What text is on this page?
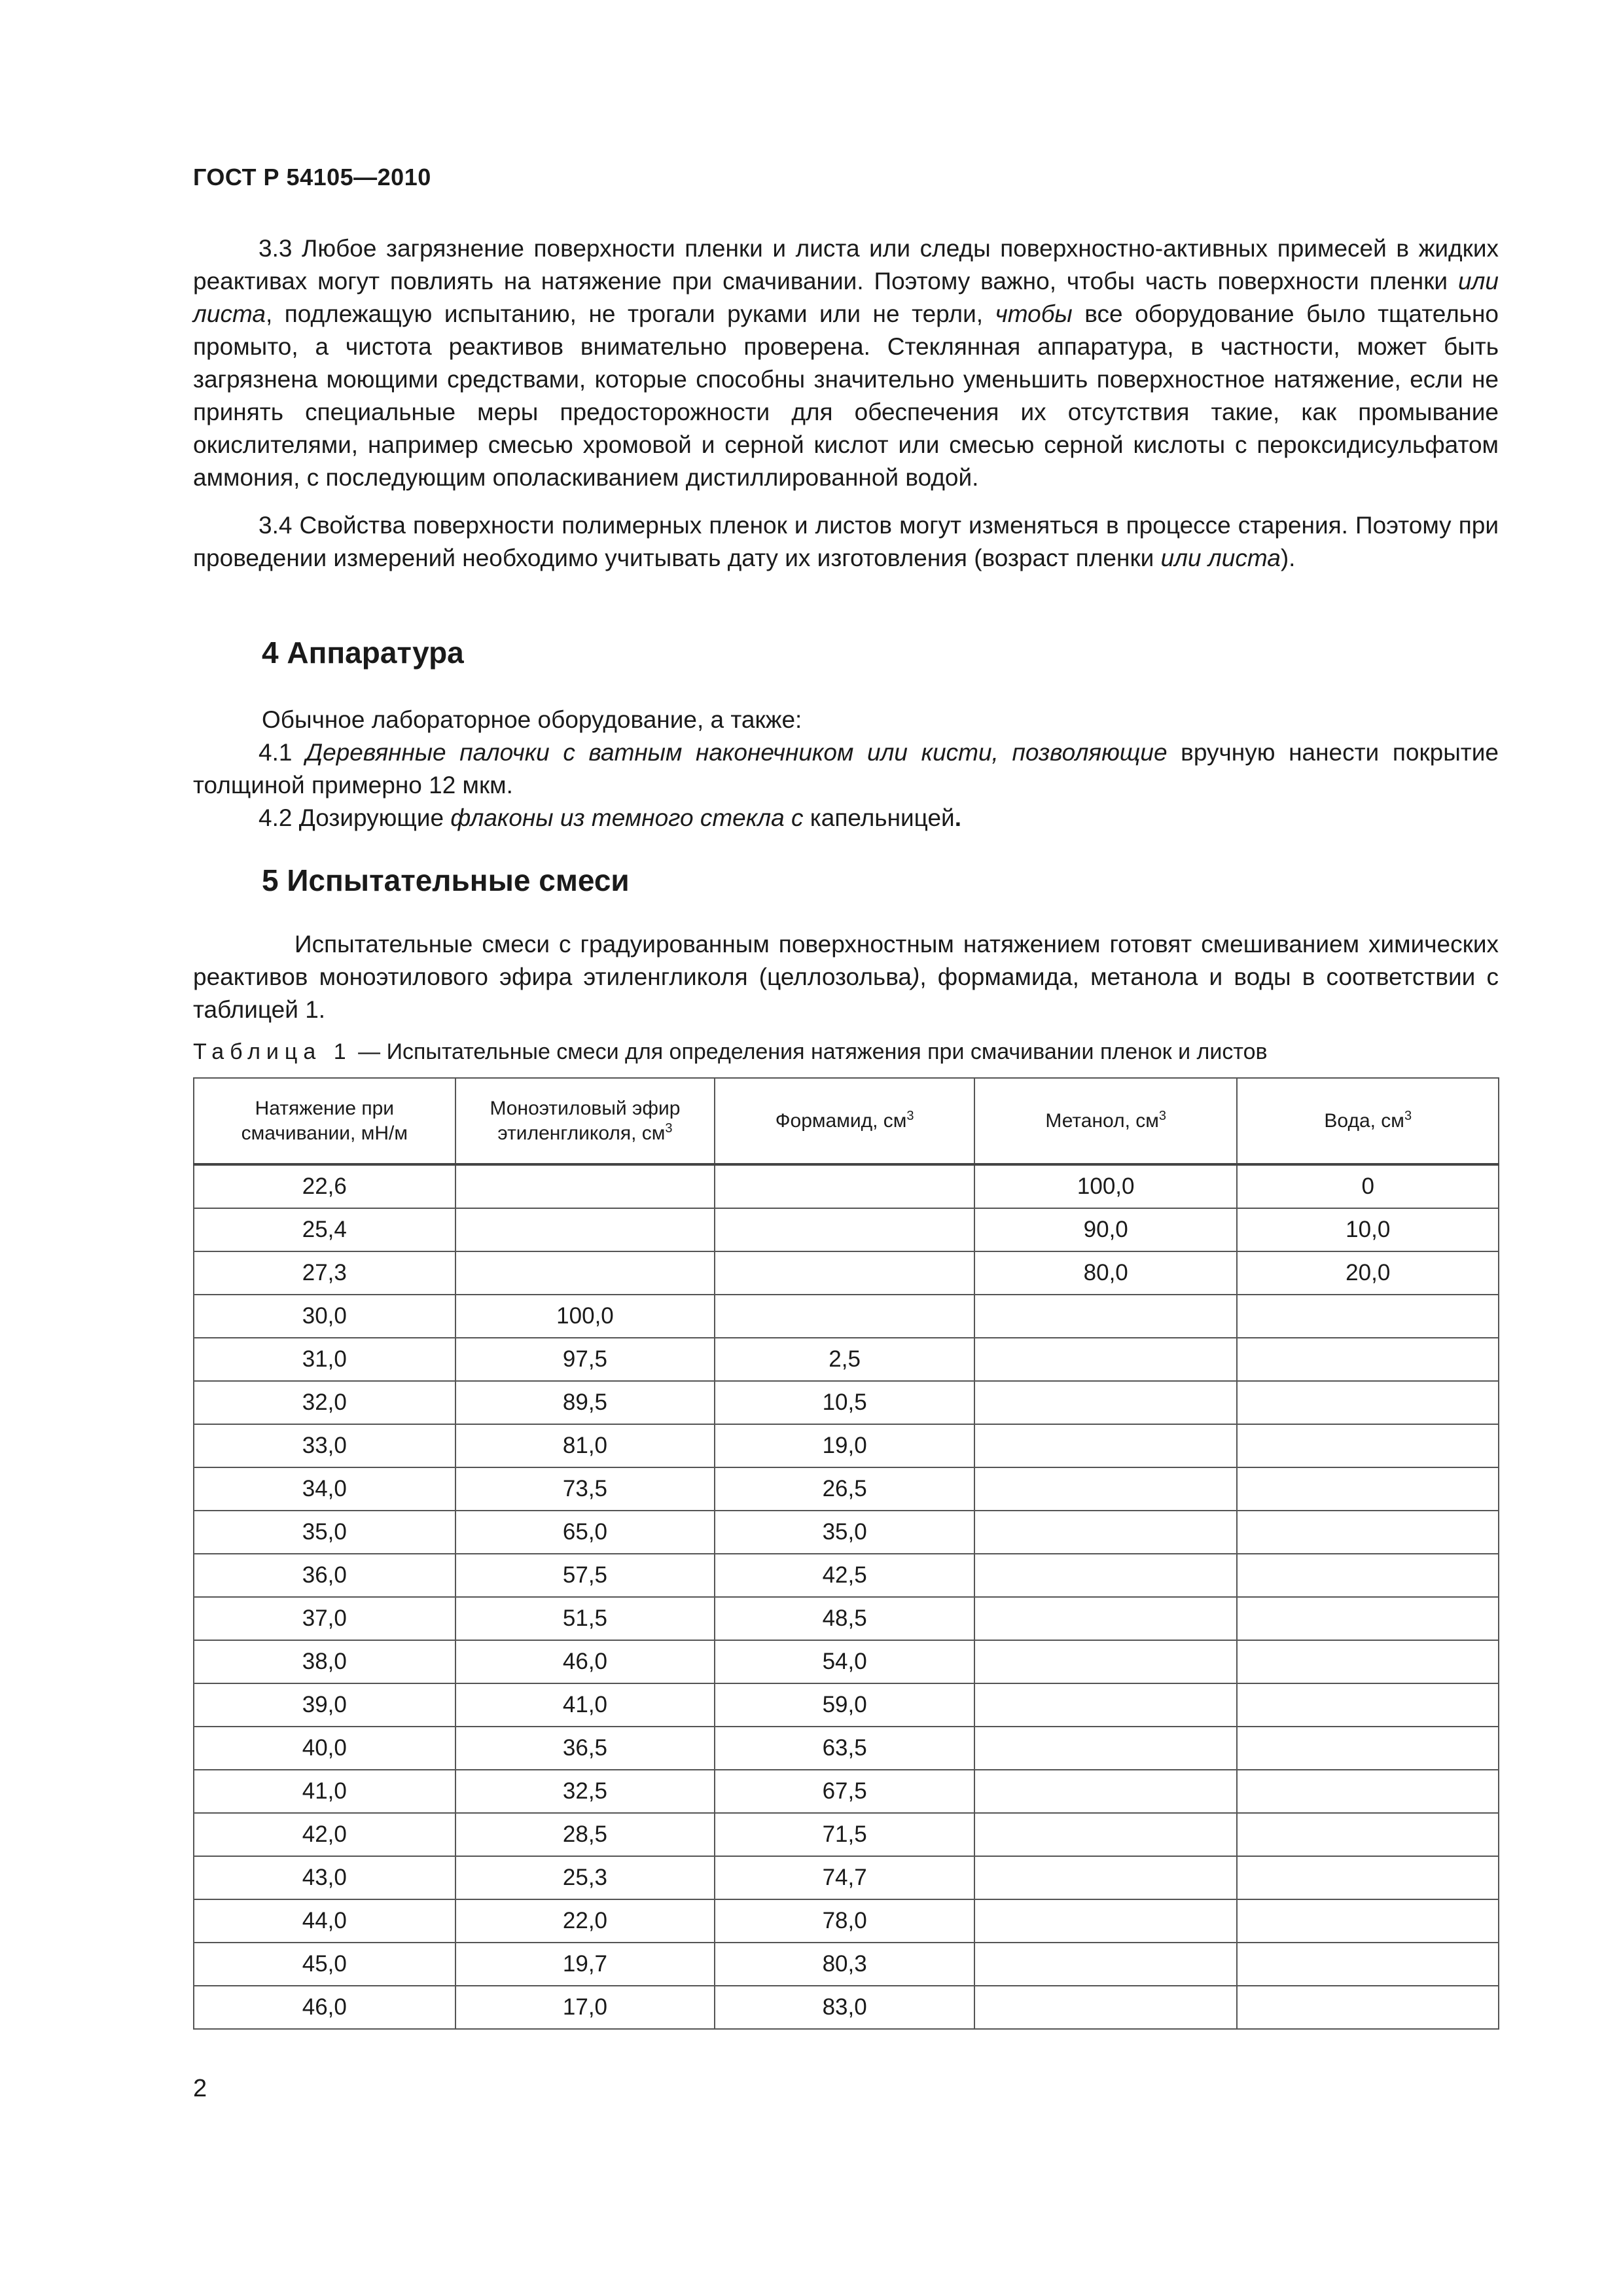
ГОСТ Р 54105—2010

3.3 Любое загрязнение поверхности пленки и листа или следы поверхностно-активных примесей в жидких реактивах могут повлиять на натяжение при смачивании. Поэтому важно, чтобы часть поверхности пленки или листа, подлежащую испытанию, не трогали руками или не терли, чтобы все оборудование было тщательно промыто, а чистота реактивов внимательно проверена. Стеклянная аппаратура, в частности, может быть загрязнена моющими средствами, которые способны значительно уменьшить поверхностное натяжение, если не принять специальные меры предосторожности для обеспечения их отсутствия такие, как промывание окислителями, например смесью хромовой и серной кислот или смесью серной кислоты с пероксидисульфатом аммония, с последующим ополаскиванием дистиллированной водой.

3.4 Свойства поверхности полимерных пленок и листов могут изменяться в процессе старения. Поэтому при проведении измерений необходимо учитывать дату их изготовления (возраст пленки или листа).

4 Аппаратура

Обычное лабораторное оборудование, а также:

4.1 Деревянные палочки с ватным наконечником или кисти, позволяющие вручную нанести покрытие толщиной примерно 12 мкм.

4.2 Дозирующие флаконы из темного стекла с капельницей.

5 Испытательные смеси

Испытательные смеси с градуированным поверхностным натяжением готовят смешиванием химических реактивов моноэтилового эфира этиленгликоля (целлозольва), формамида, метанола и воды в соответствии с таблицей 1.

Таблица 1 — Испытательные смеси для определения натяжения при смачивании пленок и листов
Натяжение при
смачивании, мН/м	Моноэтиловый эфир
этиленгликоля, $см^3$	Формамид, $см^3$	Метанол, $см^3$	Вода, $см^3$
22,6			100,0	0
25,4			90,0	10,0
27,3			80,0	20,0
30,0	100,0			
31,0	97,5	2,5		
32,0	89,5	10,5		
33,0	81,0	19,0		
34,0	73,5	26,5		
35,0	65,0	35,0		
36,0	57,5	42,5		
37,0	51,5	48,5		
38,0	46,0	54,0		
39,0	41,0	59,0		
40,0	36,5	63,5		
41,0	32,5	67,5		
42,0	28,5	71,5		
43,0	25,3	74,7		
44,0	22,0	78,0		
45,0	19,7	80,3		
46,0	17,0	83,0		
2
